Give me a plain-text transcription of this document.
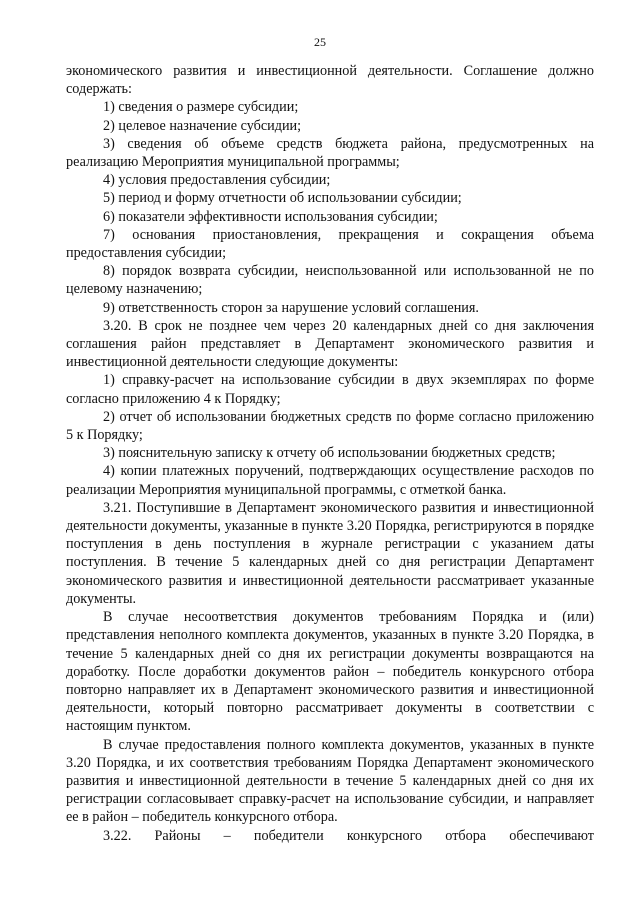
25

экономического развития и инвестиционной деятельности. Соглашение должно содержать:

1) сведения о размере субсидии;

2) целевое назначение субсидии;

3) сведения об объеме средств бюджета района, предусмотренных на реализацию Мероприятия муниципальной программы;

4) условия предоставления субсидии;

5) период и форму отчетности об использовании субсидии;

6) показатели эффективности использования субсидии;

7) основания приостановления, прекращения и сокращения объема предоставления субсидии;

8) порядок возврата субсидии, неиспользованной или использованной не по целевому назначению;

9) ответственность сторон за нарушение условий соглашения.

3.20. В срок не позднее чем через 20 календарных дней со дня заключения соглашения район представляет в Департамент экономического развития и инвестиционной деятельности следующие документы:

1) справку-расчет на использование субсидии в двух экземплярах по форме согласно приложению 4 к Порядку;

2) отчет об использовании бюджетных средств по форме согласно приложению 5 к Порядку;

3) пояснительную записку к отчету об использовании бюджетных средств;

4) копии платежных поручений, подтверждающих осуществление расходов по реализации Мероприятия муниципальной программы, с отметкой банка.

3.21. Поступившие в Департамент экономического развития и инвестиционной деятельности документы, указанные в пункте 3.20 Порядка, регистрируются в порядке поступления в день поступления в журнале регистрации с указанием даты поступления. В течение 5 календарных дней со дня регистрации Департамент экономического развития и инвестиционной деятельности рассматривает указанные документы.

В случае несоответствия документов требованиям Порядка и (или) представления неполного комплекта документов, указанных в пункте 3.20 Порядка, в течение 5 календарных дней со дня их регистрации документы возвращаются на доработку. После доработки документов район – победитель конкурсного отбора повторно направляет их в Департамент экономического развития и инвестиционной деятельности, который повторно рассматривает документы в соответствии с настоящим пунктом.

В случае предоставления полного комплекта документов, указанных в пункте 3.20 Порядка, и их соответствия требованиям Порядка Департамент экономического развития и инвестиционной деятельности в течение 5 календарных дней со дня их регистрации согласовывает справку-расчет на использование субсидии, и направляет ее в район – победитель конкурсного отбора.

3.22. Районы – победители конкурсного отбора обеспечивают
